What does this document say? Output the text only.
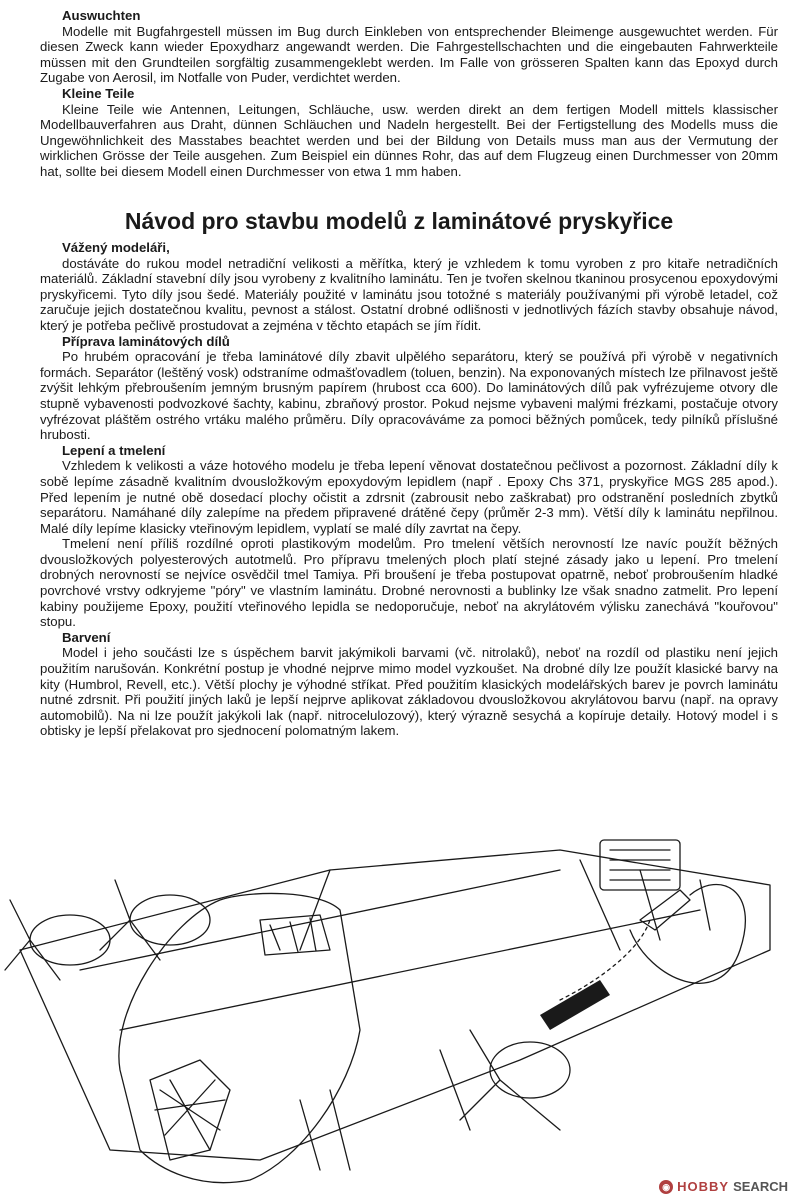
Auswuchten

Modelle mit Bugfahrgestell müssen im Bug durch Einkleben von entsprechender Bleimenge ausgewuchtet werden. Für diesen Zweck kann wieder Epoxydharz angewandt werden. Die Fahrgestellschachten und die eingebauten Fahrwerkteile müssen mit den Grundteilen sorgfältig zusammengeklebt werden. Im Falle von grösseren Spalten kann das Epoxyd durch Zugabe von Aerosil, im Notfalle von Puder, verdichtet werden.

Kleine Teile

Kleine Teile wie Antennen, Leitungen, Schläuche, usw. werden direkt an dem fertigen Modell mittels klassischer Modellbauverfahren aus Draht, dünnen Schläuchen und Nadeln hergestellt. Bei der Fertigstellung des Modells muss die Ungewöhnlichkeit des Masstabes beachtet werden und bei der Bildung von Details muss man aus der Vermutung der wirklichen Grösse der Teile ausgehen. Zum Beispiel ein dünnes Rohr, das auf dem Flugzeug einen Durchmesser von 20mm hat, sollte bei diesem Modell einen Durchmesser von etwa 1 mm haben.

Návod pro stavbu modelů z laminátové pryskyřice
Vážený modeláři,

dostáváte do rukou model netradiční velikosti a měřítka, který je vzhledem k tomu vyroben z pro kitaře netradičních materiálů. Základní stavební díly jsou vyrobeny z kvalitního laminátu. Ten je tvořen skelnou tkaninou prosycenou epoxydovými pryskyřicemi. Tyto díly jsou šedé. Materiály použité v laminátu jsou totožné s materiály používanými při výrobě letadel, což zaručuje jejich dostatečnou kvalitu, pevnost a stálost. Ostatní drobné odlišnosti v jednotlivých fázích stavby obsahuje návod, který je potřeba pečlivě prostudovat a zejména v těchto etapách se jím řídit.

Příprava laminátových dílů

Po hrubém opracování je třeba laminátové díly zbavit ulpělého separátoru, který se používá při výrobě v negativních formách. Separátor (leštěný vosk) odstraníme odmašťovadlem (toluen, benzin). Na exponovaných místech lze přilnavost ještě zvýšit lehkým přebroušením jemným brusným papírem (hrubost cca 600). Do laminátových dílů pak vyfrézujeme otvory dle stupně vybavenosti podvozkové šachty, kabinu, zbraňový prostor. Pokud nejsme vybaveni malými frézkami, postačuje otvory vyfrézovat pláštěm ostrého vrtáku malého průměru. Díly opracováváme za pomoci běžných pomůcek, tedy pilníků příslušné hrubosti.

Lepení a tmelení

Vzhledem k velikosti a váze hotového modelu je třeba lepení věnovat dostatečnou pečlivost a pozornost. Základní díly k sobě lepíme zásadně kvalitním dvousložkovým epoxydovým lepidlem (např . Epoxy Chs 371, pryskyřice MGS 285 apod.). Před lepením je nutné obě dosedací plochy očistit a zdrsnit (zabrousit nebo zaškrabat) pro odstranění posledních zbytků separátoru. Namáhané díly zalepíme na předem připravené drátěné čepy (průměr 2-3 mm). Větší díly k laminátu nepřilnou. Malé díly lepíme klasicky vteřinovým lepidlem, vyplatí se malé díly zavrtat na čepy.

Tmelení není příliš rozdílné oproti plastikovým modelům. Pro tmelení větších nerovností lze navíc použít běžných dvousložkových polyesterových autotmelů. Pro přípravu tmelených ploch platí stejné zásady jako u lepení. Pro tmelení drobných nerovností se nejvíce osvědčil tmel Tamiya. Při broušení je třeba postupovat opatrně, neboť probroušením hladké povrchové vrstvy odkryjeme "póry" ve vlastním laminátu. Drobné nerovnosti a bublinky lze však snadno zatmelit. Pro lepení kabiny použijeme Epoxy, použití vteřinového lepidla se nedoporučuje, neboť na akrylátovém výlisku zanechává "kouřovou" stopu.

Barvení

Model i jeho součásti lze s úspěchem barvit jakýmikoli barvami (vč. nitrolaků), neboť na rozdíl od plastiku není jejich použitím narušován. Konkrétní postup je vhodné nejprve mimo model vyzkoušet. Na drobné díly lze použít klasické barvy na kity (Humbrol, Revell, etc.). Větší plochy je výhodné stříkat. Před použitím klasických modelářských barev je povrch laminátu nutné zdrsnit. Při použití jiných laků je lepší nejprve aplikovat základovou dvousložkovou akrylátovou barvu (např. na opravy automobilů). Na ni lze použít jakýkoli lak (např. nitrocelulozový), který výrazně sesychá a kopíruje detaily. Hotový model i s obtisky je lepší přelakovat pro sjednocení polomatným lakem.

◉ HOBBY SEARCH
